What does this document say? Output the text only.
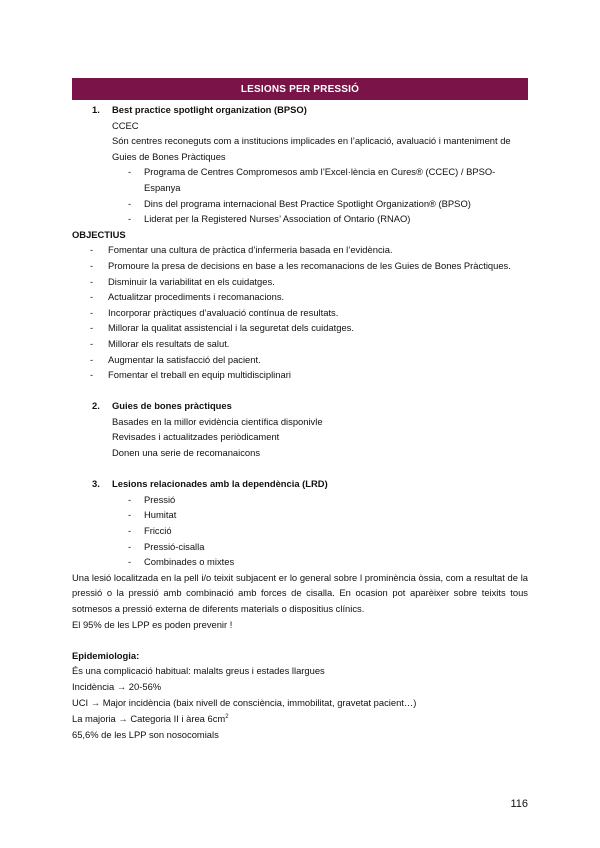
LESIONS PER PRESSIÓ
1.	Best practice spotlight organization (BPSO)
CCEC
Són centres reconeguts com a institucions implicades en l’aplicació, avaluació i manteniment de Guies de Bones Pràctiques
-	Programa de Centres Compromesos amb l’Excel·lència en Cures® (CCEC) / BPSO-Espanya
-	Dins del programa internacional Best Practice Spotlight Organization® (BPSO)
-	Liderat per la Registered Nurses’ Association of Ontario (RNAO)
OBJECTIUS
-	Fomentar una cultura de pràctica d’infermeria basada en l’evidència.
-	Promoure la presa de decisions en base a les recomanacions de les Guies de Bones Pràctiques.
-	Disminuir la variabilitat en els cuidatges.
-	Actualitzar procediments i recomanacions.
-	Incorporar pràctiques d’avaluació contínua de resultats.
-	Millorar la qualitat assistencial i la seguretat dels cuidatges.
-	Millorar els resultats de salut.
-	Augmentar la satisfacció del pacient.
-	Fomentar el treball en equip multidisciplinari
2.	Guies de bones pràctiques
Basades en la millor evidència científica disponivle
Revisades i actualitzades periòdicament
Donen una serie de recomanaicons
3.	Lesions relacionades amb la dependència (LRD)
-	Pressió
-	Humitat
-	Fricció
-	Pressió-cisalla
-	Combinades o mixtes
Una lesió localitzada en la pell i/o teixit subjacent er lo general sobre l prominència òssia, com a resultat de la pressió o la pressió amb combinació amb forces de cisalla. En ocasion pot aparèixer sobre teixits tous sotmesos a pressió externa de diferents materials o dispositius clínics.
El 95% de les LPP es poden prevenir !
Epidemiologia:
És una complicació habitual: malalts greus i estades llargues
Incidència → 20-56%
UCI → Major incidència (baix nivell de consciència, immobilitat, gravetat pacient…)
La majoria → Categoria II i àrea $6cm^2$
65,6% de les LPP son nosocomials
116
